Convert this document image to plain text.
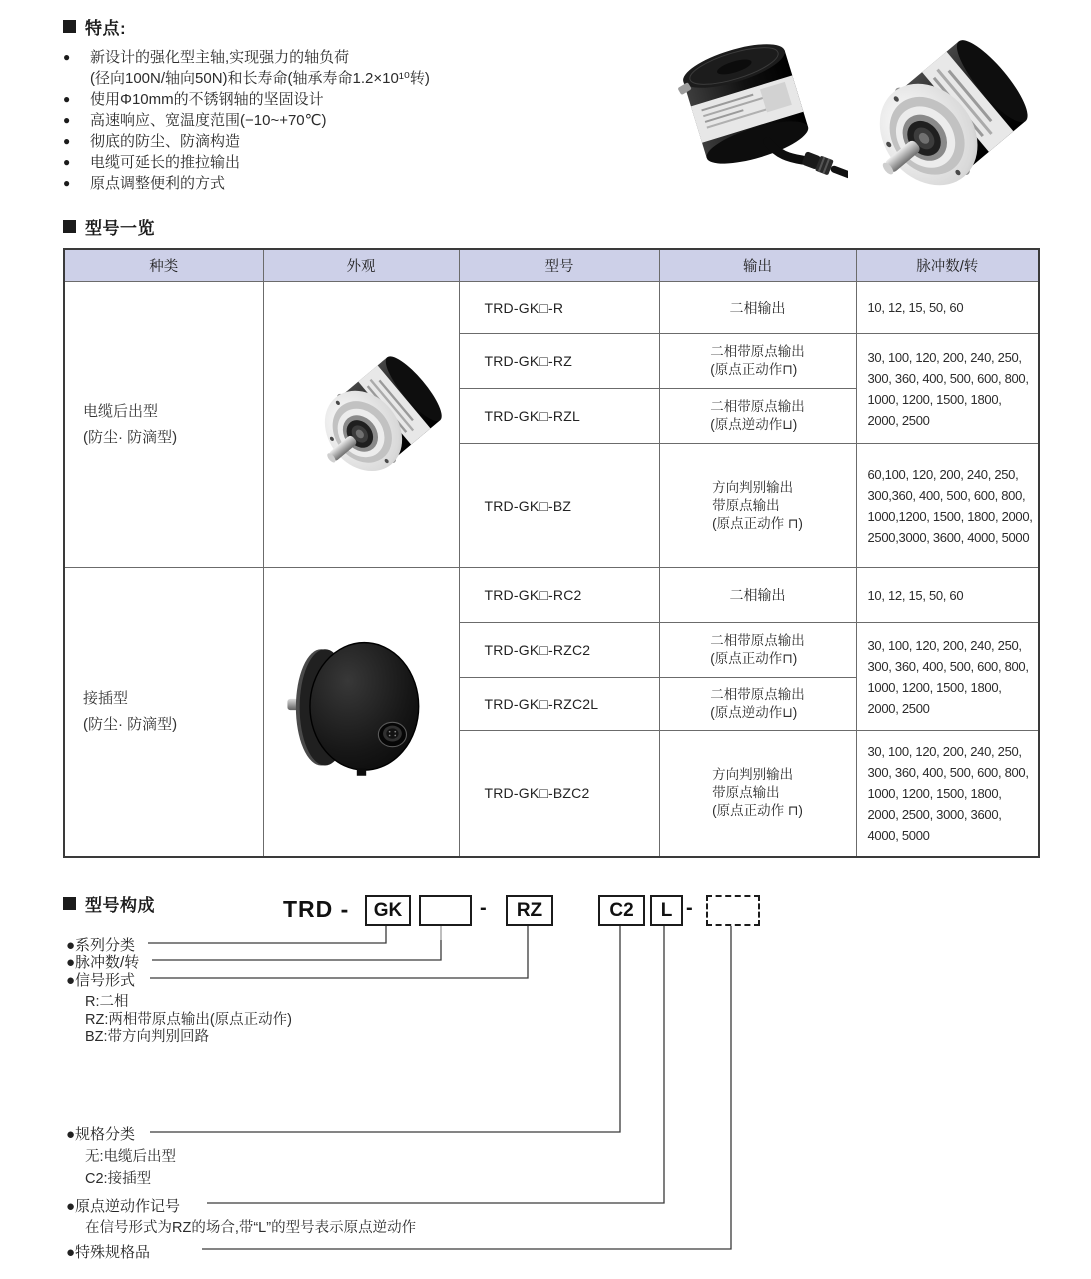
特点:
● 新设计的强化型主轴,实现强力的轴负荷
(径向100N/轴向50N)和长寿命(轴承寿命1.2×10¹⁰转)
● 使用Φ10mm的不锈钢轴的坚固设计
● 高速响应、宽温度范围(−10~+70℃)
● 彻底的防尘、防滴构造
● 电缆可延长的推拉输出
● 原点调整便利的方式
型号一览
种类	外观	型号	输出	脉冲数/转

电缆后出型
(防尘· 防滴型)		TRD-GK□-R	二相输出	10, 12, 15, 50, 60
		TRD-GK□-RZ	二相带原点输出
(原点正动作⊓)	30, 100, 120, 200, 240, 250, 300, 360, 400, 500, 600, 800, 1000, 1200, 1500, 1800, 2000, 2500
		TRD-GK□-RZL	二相带原点输出
(原点逆动作⊔)	

		TRD-GK□-BZ	方向判别输出
带原点输出
(原点正动作 ⊓)	60,100, 120, 200, 240, 250, 300,360, 400, 500, 600, 800, 1000,1200, 1500, 1800, 2000, 2500,3000, 3600, 4000, 5000

接插型
(防尘· 防滴型)		TRD-GK□-RC2	二相输出	10, 12, 15, 50, 60
		TRD-GK□-RZC2	二相带原点输出
(原点正动作⊓)	30, 100, 120, 200, 240, 250, 300, 360, 400, 500, 600, 800, 1000, 1200, 1500, 1800, 2000, 2500
		TRD-GK□-RZC2L	二相带原点输出
(原点逆动作⊔)	

		TRD-GK□-BZC2	方向判别输出
带原点输出
(原点正动作 ⊓)	30, 100, 120, 200, 240, 250, 300, 360, 400, 500, 600, 800, 1000, 1200, 1500, 1800, 2000, 2500, 3000, 3600, 4000, 5000
型号构成	TRD -	GK	-	RZ	C2	L -
●系列分类
●脉冲数/转
●信号形式
R:二相
RZ:两相带原点输出(原点正动作)
BZ:带方向判别回路
●规格分类
无:电缆后出型
C2:接插型
●原点逆动作记号
在信号形式为RZ的场合,带“L”的型号表示原点逆动作
●特殊规格品
